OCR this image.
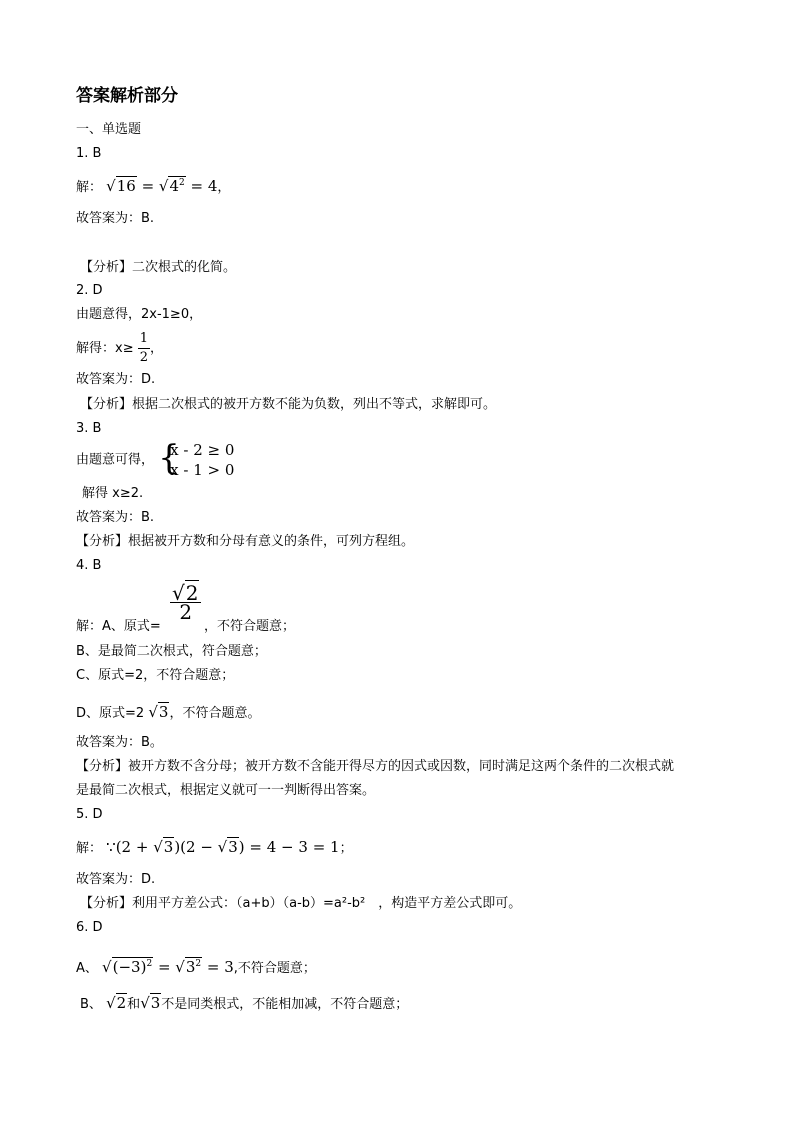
答案解析部分
一、单选题
1. B
解： $√16 = √4^2 = 4$，
故答案为：B.
【分析】二次根式的化简。
2. D
由题意得，2x-1≥0，
解得：$x\ge \frac{1}{2}$ ，
故答案为：D.
【分析】根据二次根式的被开方数不能为负数，列出不等式，求解即可。
3. B
由题意可得， {
x - 2 ≥ 0
x - 1 > 0
解得 x≥2.
故答案为：B.
【分析】根据被开方数和分母有意义的条件，可列方程组。
4. B
解：A、原式=
$\frac{√2}{2}$
，不符合题意；
B、是最简二次根式，符合题意；
C、原式=2，不符合题意；
D、原式=2 √3，不符合题意。
故答案为：B。
【分析】被开方数不含分母；被开方数不含能开得尽方的因式或因数，同时满足这两个条件的二次根式就
是最简二次根式，根据定义就可一一判断得出答案。
5. D
解： ∵(2 + √3)(2 − √3) = 4 − 3 = 1；
故答案为：D.
【分析】利用平方差公式：（a+b）（a-b）=a²-b²　，构造平方差公式即可。
6. D
A、 $√(-3)^2 = √3^2 = 3$,不符合题意；
B、 √2和√3不是同类根式，不能相加减，不符合题意；
